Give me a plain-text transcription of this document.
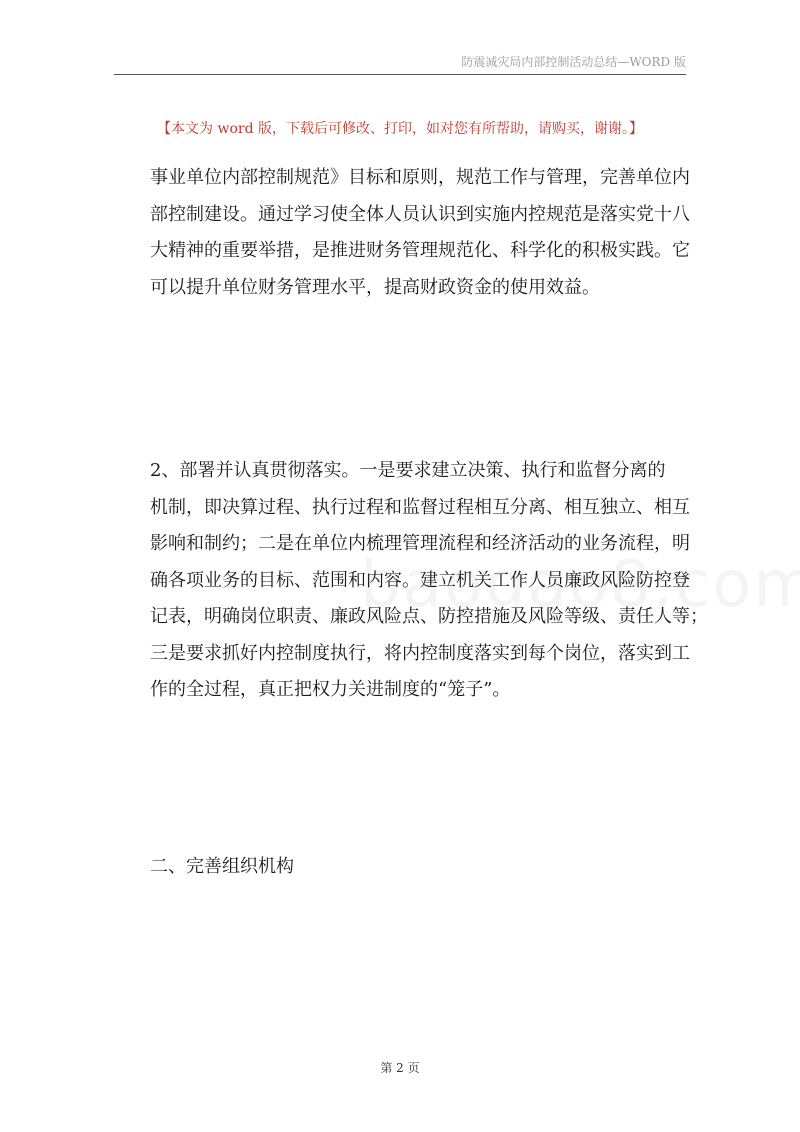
防震减灾局内部控制活动总结—WORD 版
【本文为 word 版，下载后可修改、打印，如对您有所帮助，请购买，谢谢。】
事业单位内部控制规范》目标和原则，规范工作与管理，完善单位内
部控制建设。通过学习使全体人员认识到实施内控规范是落实党十八
大精神的重要举措，是推进财务管理规范化、科学化的积极实践。它
可以提升单位财务管理水平，提高财政资金的使用效益。
2、部署并认真贯彻落实。一是要求建立决策、执行和监督分离的
机制，即决算过程、执行过程和监督过程相互分离、相互独立、相互
影响和制约；二是在单位内梳理管理流程和经济活动的业务流程，明
确各项业务的目标、范围和内容。建立机关工作人员廉政风险防控登
记表，明确岗位职责、廉政风险点、防控措施及风险等级、责任人等；
三是要求抓好内控制度执行，将内控制度落实到每个岗位，落实到工
作的全过程，真正把权力关进制度的“笼子”。
二、完善组织机构
第 2 页
